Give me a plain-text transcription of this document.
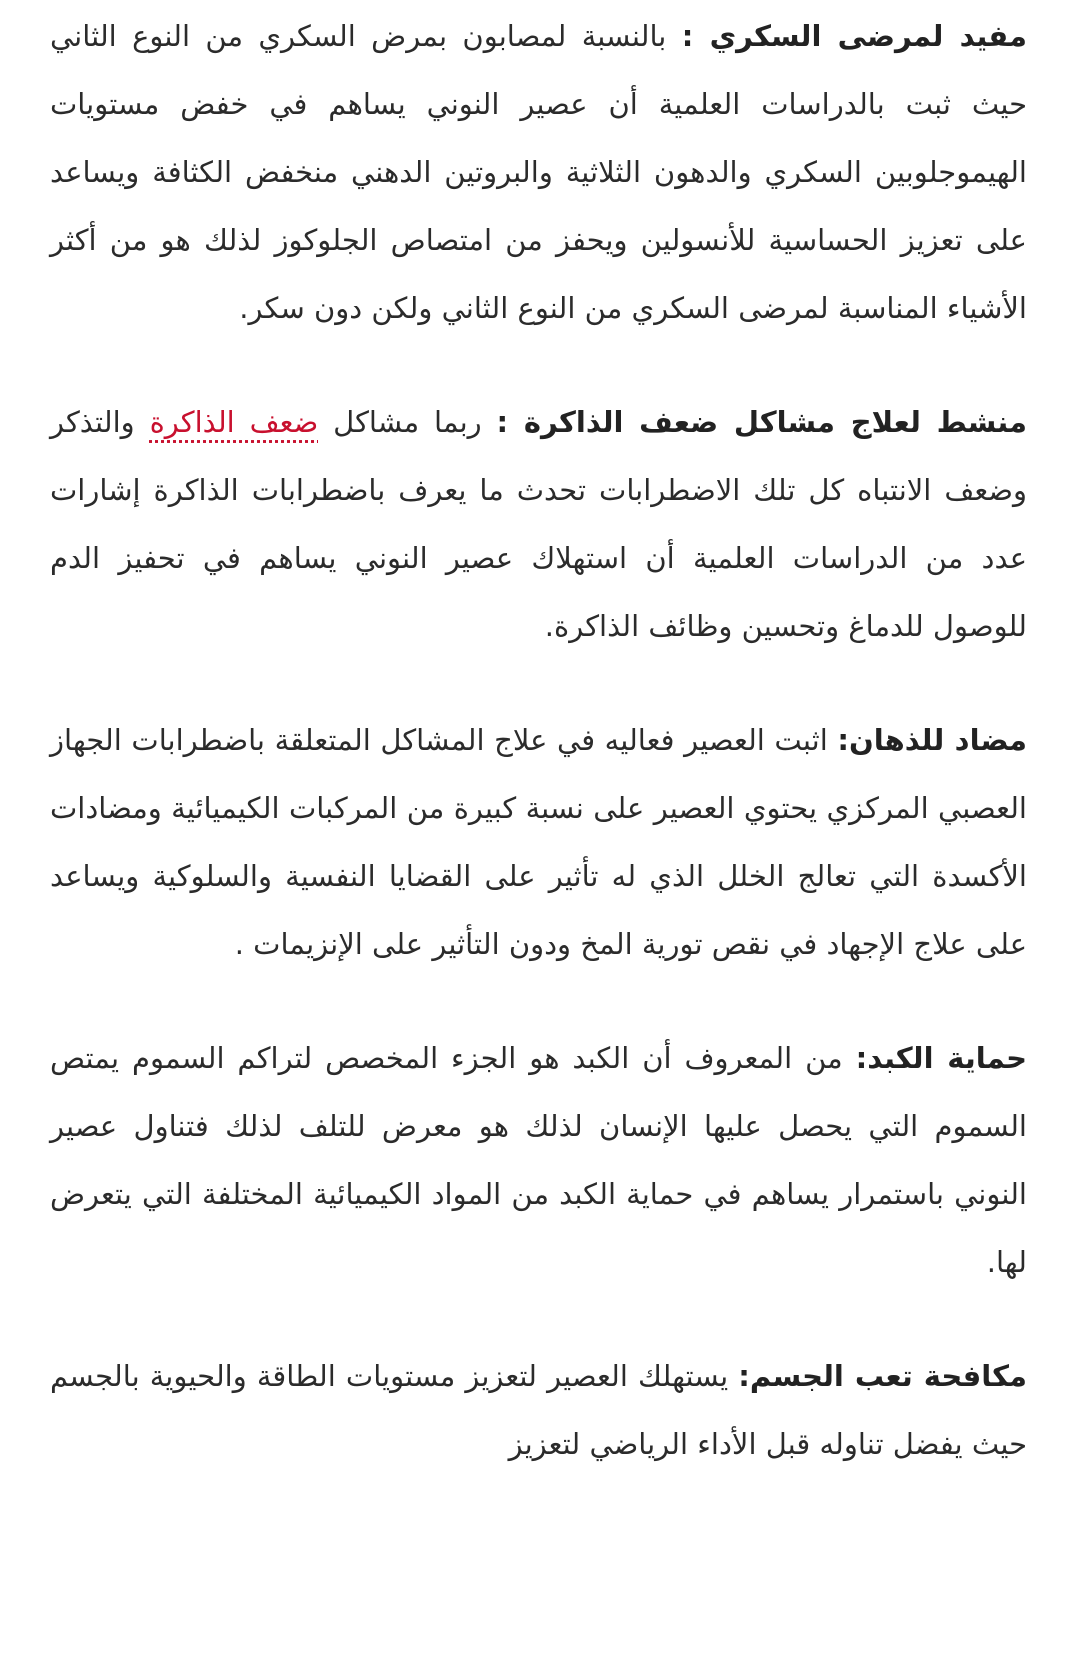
مفيد لمرضى السكري : بالنسبة لمصابون بمرض السكري من النوع الثاني حيث ثبت بالدراسات العلمية أن عصير النوني يساهم في خفض مستويات الهيموجلوبين السكري والدهون الثلاثية والبروتين الدهني منخفض الكثافة ويساعد على تعزيز الحساسية للأنسولين ويحفز من امتصاص الجلوكوز لذلك هو من أكثر الأشياء المناسبة لمرضى السكري من النوع الثاني ولكن دون سكر.

منشط لعلاج مشاكل ضعف الذاكرة : ربما مشاكل ضعف الذاكرة والتذكر وضعف الانتباه كل تلك الاضطرابات تحدث ما يعرف باضطرابات الذاكرة إشارات عدد من الدراسات العلمية أن استهلاك عصير النوني يساهم في تحفيز الدم للوصول للدماغ وتحسين وظائف الذاكرة.

مضاد للذهان: اثبت العصير فعاليه في علاج المشاكل المتعلقة باضطرابات الجهاز العصبي المركزي يحتوي العصير على نسبة كبيرة من المركبات الكيميائية ومضادات الأكسدة التي تعالج الخلل الذي له تأثير على القضايا النفسية والسلوكية ويساعد على علاج الإجهاد في نقص تورية المخ ودون التأثير على الإنزيمات .

حماية الكبد: من المعروف أن الكبد هو الجزء المخصص لتراكم السموم يمتص السموم التي يحصل عليها الإنسان لذلك هو معرض للتلف لذلك فتناول عصير النوني باستمرار يساهم في حماية الكبد من المواد الكيميائية المختلفة التي يتعرض لها.

مكافحة تعب الجسم: يستهلك العصير لتعزيز مستويات الطاقة والحيوية بالجسم حيث يفضل تناوله قبل الأداء الرياضي لتعزيز
